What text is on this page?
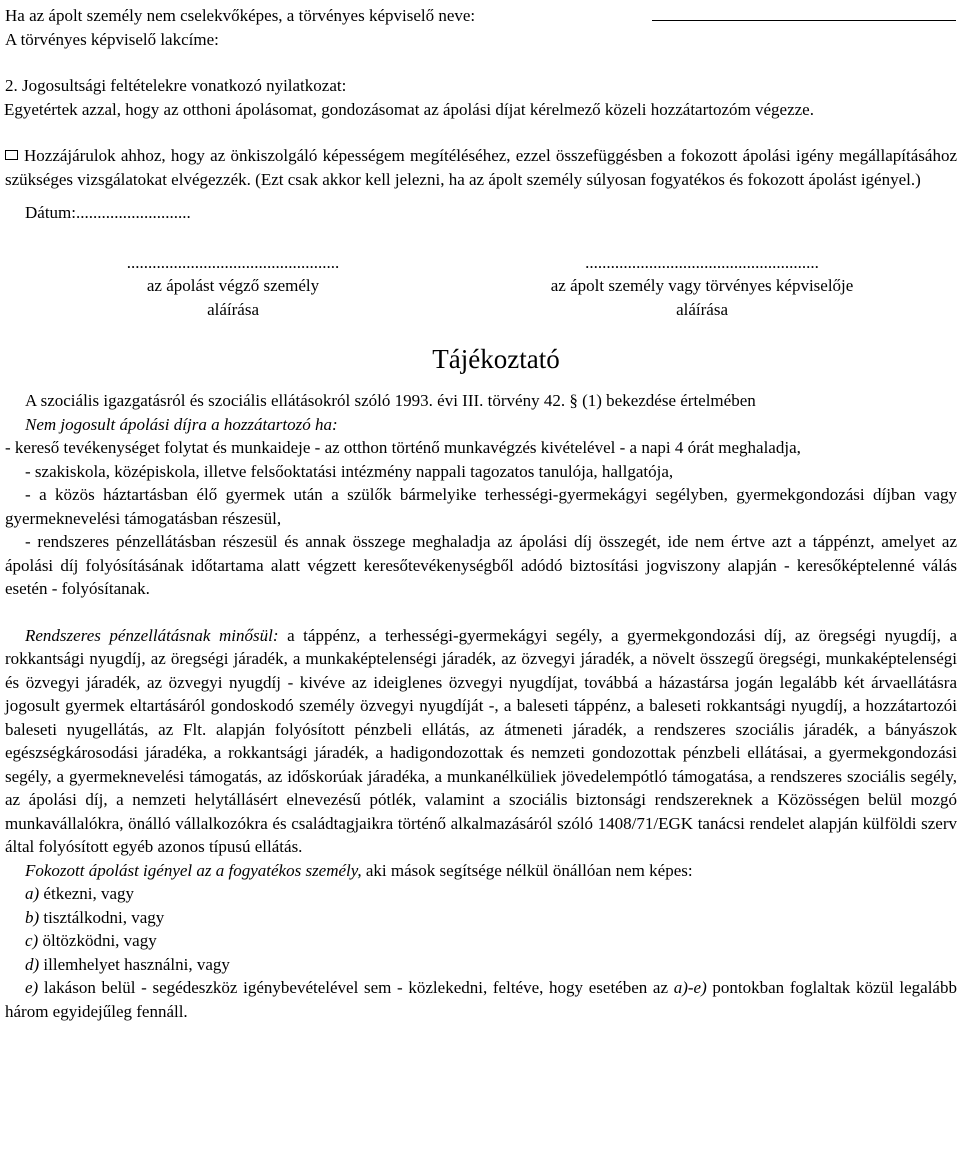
Ha az ápolt személy nem cselekvőképes, a törvényes képviselő neve:
A törvényes képviselő lakcíme:

2. Jogosultsági feltételekre vonatkozó nyilatkozat:

Egyetértek azzal, hogy az otthoni ápolásomat, gondozásomat az ápolási díjat kérelmező közeli hozzátartozóm végezze.

Hozzájárulok ahhoz, hogy az önkiszolgáló képességem megítéléséhez, ezzel összefüggésben a fokozott ápolási igény megállapításához szükséges vizsgálatokat elvégezzék. (Ezt csak akkor kell jelezni, ha az ápolt személy súlyosan fogyatékos és fokozott ápolást igényel.)

Dátum:...........................

..................................................
az ápolást végző személy
aláírása
.......................................................
az ápolt személy vagy törvényes képviselője
aláírása
Tájékoztató

A szociális igazgatásról és szociális ellátásokról szóló 1993. évi III. törvény 42. § (1) bekezdése értelmében

Nem jogosult ápolási díjra a hozzátartozó ha:

- kereső tevékenységet folytat és munkaideje - az otthon történő munkavégzés kivételével - a napi 4 órát meghaladja,

- szakiskola, középiskola, illetve felsőoktatási intézmény nappali tagozatos tanulója, hallgatója,

- a közös háztartásban élő gyermek után a szülők bármelyike terhességi-gyermekágyi segélyben, gyermekgondozási díjban vagy gyermeknevelési támogatásban részesül,

- rendszeres pénzellátásban részesül és annak összege meghaladja az ápolási díj összegét, ide nem értve azt a táppénzt, amelyet az ápolási díj folyósításának időtartama alatt végzett keresőtevékenységből adódó biztosítási jogviszony alapján - keresőképtelenné válás esetén - folyósítanak.

Rendszeres pénzellátásnak minősül: a táppénz, a terhességi-gyermekágyi segély, a gyermekgondozási díj, az öregségi nyugdíj, a rokkantsági nyugdíj, az öregségi járadék, a munkaképtelenségi járadék, az özvegyi járadék, a növelt összegű öregségi, munkaképtelenségi és özvegyi járadék, az özvegyi nyugdíj - kivéve az ideiglenes özvegyi nyugdíjat, továbbá a házastársa jogán legalább két árvaellátásra jogosult gyermek eltartásáról gondoskodó személy özvegyi nyugdíját -, a baleseti táppénz, a baleseti rokkantsági nyugdíj, a hozzátartozói baleseti nyugellátás, az Flt. alapján folyósított pénzbeli ellátás, az átmeneti járadék, a rendszeres szociális járadék, a bányászok egészségkárosodási járadéka, a rokkantsági járadék, a hadigondozottak és nemzeti gondozottak pénzbeli ellátásai, a gyermekgondozási segély, a gyermeknevelési támogatás, az időskorúak járadéka, a munkanélküliek jövedelempótló támogatása, a rendszeres szociális segély, az ápolási díj, a nemzeti helytállásért elnevezésű pótlék, valamint a szociális biztonsági rendszereknek a Közösségen belül mozgó munkavállalókra, önálló vállalkozókra és családtagjaikra történő alkalmazásáról szóló 1408/71/EGK tanácsi rendelet alapján külföldi szerv által folyósított egyéb azonos típusú ellátás.

Fokozott ápolást igényel az a fogyatékos személy, aki mások segítsége nélkül önállóan nem képes:

a) étkezni, vagy

b) tisztálkodni, vagy

c) öltözködni, vagy

d) illemhelyet használni, vagy

e) lakáson belül - segédeszköz igénybevételével sem - közlekedni, feltéve, hogy esetében az a)-e) pontokban foglaltak közül legalább három egyidejűleg fennáll.
